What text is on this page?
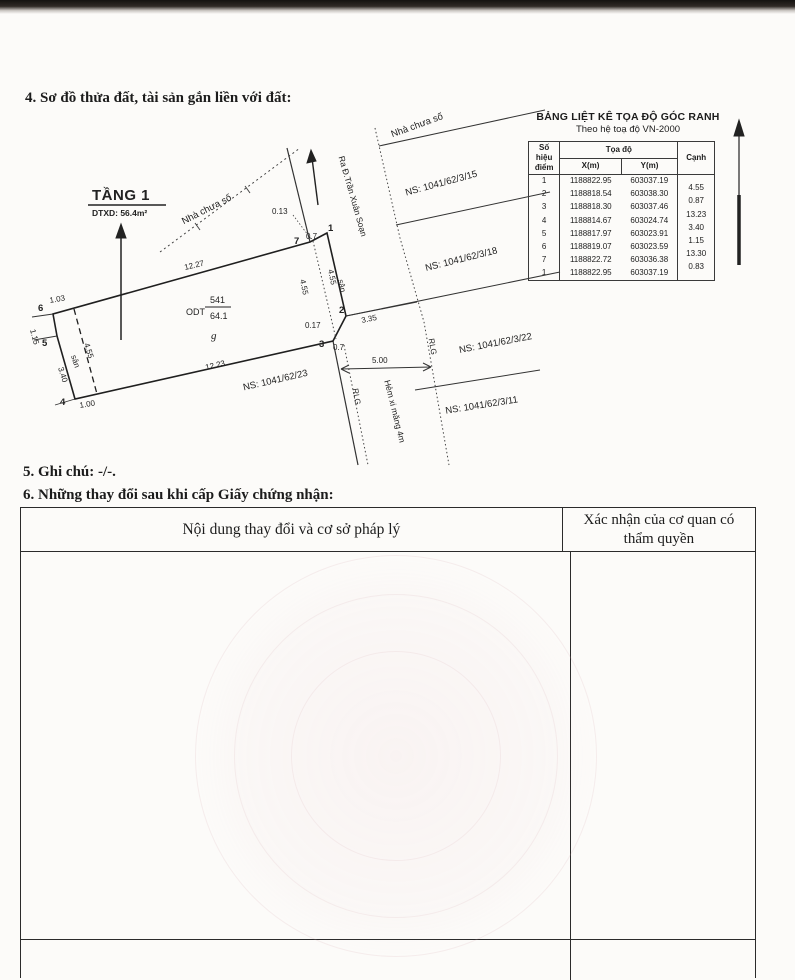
4. Sơ đồ thửa đất, tài sản gắn liền với đất:
TẦNG 1
DTXD: 56.4m²
ODT
541
64.1
g
12.27
12.23
1.03
1.00
1.15
3.40
4.55
sân
4.55
4.55
sân
0.13
0.7
0.17
0.7
3.35
5.00
1
2
3
4
5
6
7
Nhà chưa số
Nhà chưa số
NS: 1041/62/3/15
NS: 1041/62/3/18
NS: 1041/62/3/22
NS: 1041/62/3/11
NS: 1041/62/23
Ra Đ.Trần Xuân Soạn
Hẻm xi măng 4m
RLG
RLG
BẢNG LIỆT KÊ TỌA ĐỘ GÓC RANH
Theo hệ toạ độ VN-2000
Số hiệu điểm	Tọa độ		Cạnh
	X(m)	Y(m)	
1	1188822.95	603037.19	

2	1188818.54	603038.30	4.55

3	1188818.30	603037.46	0.87

4	1188814.67	603024.74	13.23

5	1188817.97	603023.91	3.40

6	1188819.07	603023.59	1.15

7	1188822.72	603036.38	13.30

1	1188822.95	603037.19	0.83
5. Ghi chú: -/-.
6. Những thay đổi sau khi cấp Giấy chứng nhận:
Nội dung thay đổi và cơ sở pháp lý
Xác nhận của cơ quan có thẩm quyền
